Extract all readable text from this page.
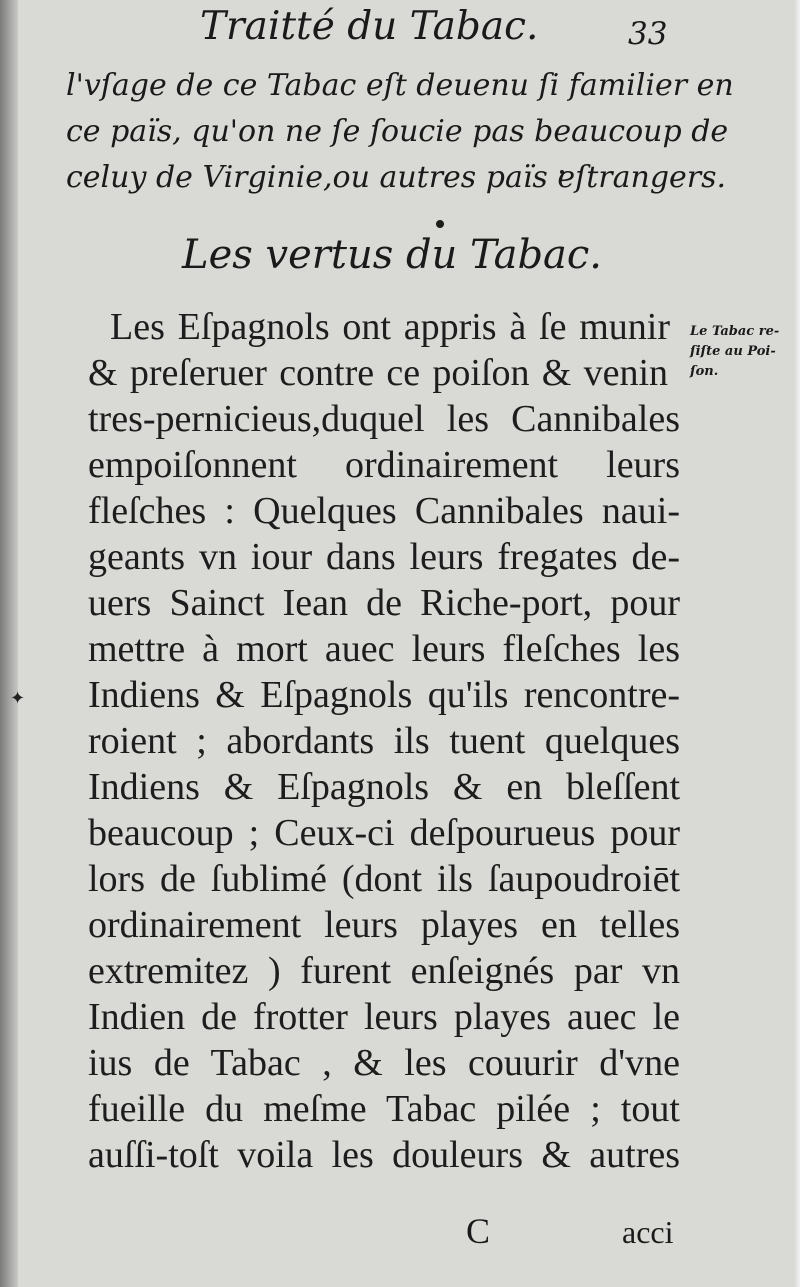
✦
Traitté du Tabac.	33
l'vſage de ce Tabac eſt deuenu ſi familier en
ce païs, qu'on ne ſe ſoucie pas beaucoup de
celuy de Virginie,ou autres païs eſtrangers.
Les vertus du Tabac.
Les Eſpagnols ont appris à ſe munir
& preſeruer contre ce poiſon & venin
tres-pernicieus,duquel les Cannibales
empoiſonnent ordinairement leurs
fleſches : Quelques Cannibales naui-
geants vn iour dans leurs fregates de-
uers Sainct Iean de Riche-port, pour
mettre à mort auec leurs fleſches les
Indiens & Eſpagnols qu'ils rencontre-
roient ; abordants ils tuent quelques
Indiens & Eſpagnols & en bleſſent
beaucoup ; Ceux-ci deſpourueus pour
lors de ſublimé (dont ils ſaupoudroiēt
ordinairement leurs playes en telles
extremitez ) furent enſeignés par vn
Indien de frotter leurs playes auec le
ius de Tabac , & les couurir d'vne
fueille du meſme Tabac pilée ; tout
auſſi-toſt voila les douleurs & autres
Le Tabac re-
ſiſte au Poi-
ſon.
C	acci
